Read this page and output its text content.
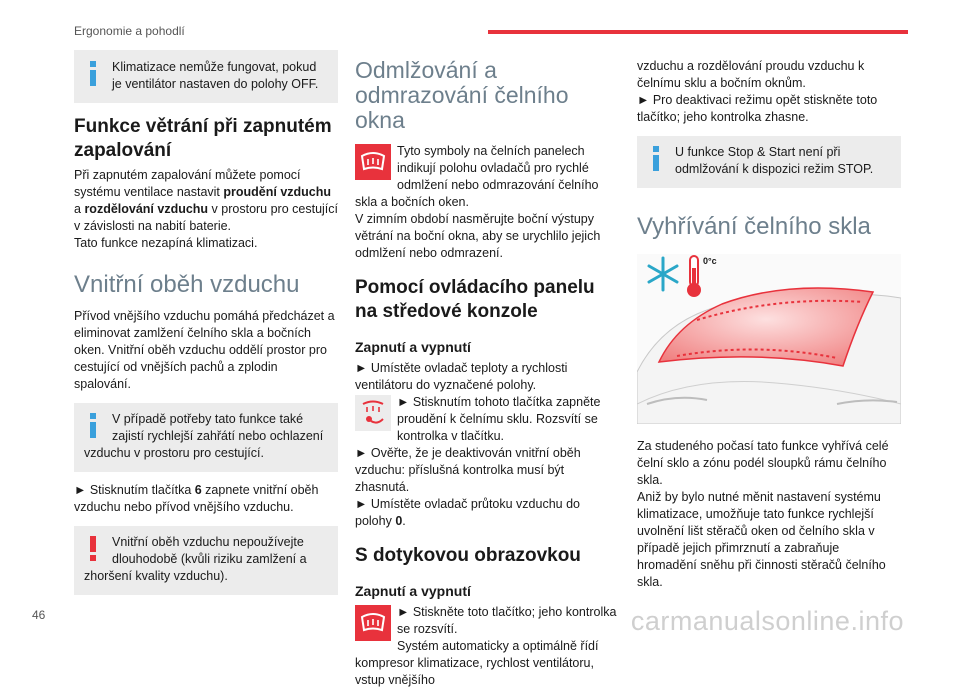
Ergonomie a pohodlí
Klimatizace nemůže fungovat, pokud je ventilátor nastaven do polohy OFF.
Funkce větrání při zapnutém zapalování

Při zapnutém zapalování můžete pomocí systému ventilace nastavit proudění vzduchu a rozdělování vzduchu v prostoru pro cestující v závislosti na nabití baterie.

Tato funkce nezapíná klimatizaci.

Vnitřní oběh vzduchu

Přívod vnějšího vzduchu pomáhá předcházet a eliminovat zamlžení čelního skla a bočních oken. Vnitřní oběh vzduchu oddělí prostor pro cestující od vnějších pachů a zplodin spalování.

V případě potřeby tato funkce také zajistí rychlejší zahřátí nebo ochlazení vzduchu v prostoru pro cestující.

► Stisknutím tlačítka 6 zapnete vnitřní oběh vzduchu nebo přívod vnějšího vzduchu.

Vnitřní oběh vzduchu nepoužívejte dlouhodobě (kvůli riziku zamlžení a zhoršení kvality vzduchu).
Odmlžování a odmrazování čelního okna

Tyto symboly na čelních panelech indikují polohu ovladačů pro rychlé odmlžení nebo odmrazování čelního skla a bočních oken.

V zimním období nasměrujte boční výstupy větrání na boční okna, aby se urychlilo jejich odmlžení nebo odmrazení.

Pomocí ovládacího panelu na středové konzole
Zapnutí a vypnutí

► Umístěte ovladač teploty a rychlosti ventilátoru do vyznačené polohy.

► Stisknutím tohoto tlačítka zapněte proudění k čelnímu sklu. Rozsvítí se kontrolka v tlačítku.

► Ověřte, že je deaktivován vnitřní oběh vzduchu: příslušná kontrolka musí být zhasnutá.

► Umístěte ovladač průtoku vzduchu do polohy 0.

S dotykovou obrazovkou
Zapnutí a vypnutí

► Stiskněte toto tlačítko; jeho kontrolka se rozsvítí.

Systém automaticky a optimálně řídí kompresor klimatizace, rychlost ventilátoru, vstup vnějšího

vzduchu a rozdělování proudu vzduchu k čelnímu sklu a bočním oknům.

► Pro deaktivaci režimu opět stiskněte toto tlačítko; jeho kontrolka zhasne.

U funkce Stop & Start není při odmlžování k dispozici režim STOP.
Vyhřívání čelního skla
0°c

Za studeného počasí tato funkce vyhřívá celé čelní sklo a zónu podél sloupků rámu čelního skla.

Aniž by bylo nutné měnit nastavení systému klimatizace, umožňuje tato funkce rychlejší uvolnění lišt stěračů oken od čelního skla v případě jejich přimrznutí a zabraňuje hromadění sněhu při činnosti stěračů čelního skla.

46	carmanualsonline.info
